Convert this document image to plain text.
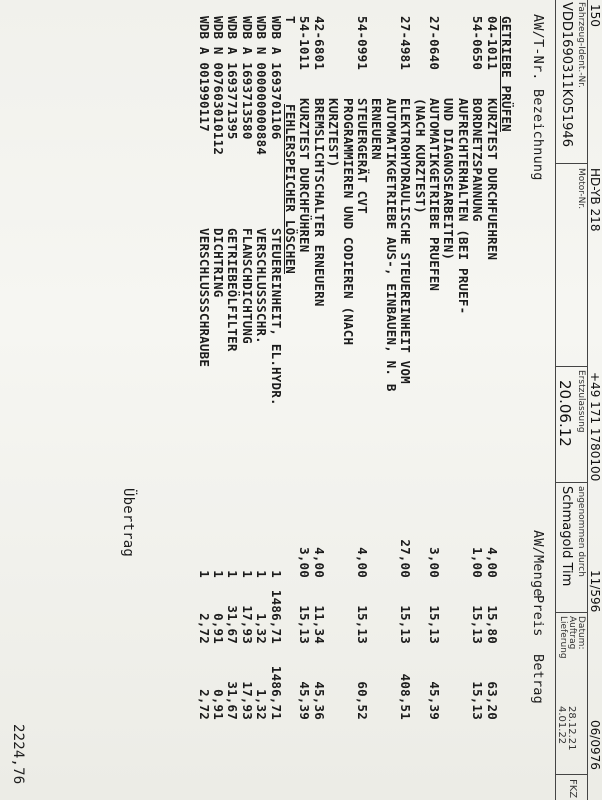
150
HD-YB 218
+49 171 1780100
11/596
06/0976
Fahrzeug-Ident.-Nr.
VDD1690311K051946
Motor-Nr.
Erstzulassung
20.06.12
angenommen durch
Schmagold Tim
Datum:
Auftrag
Lieferung
28.12.21
4.01.22
FKZ
AW/T-Nr. Bezeichnung
AW/Menge
Preis
Betrag
GETRIEBE PRÜFEN
04-1011
KURZTEST DURCHFUEHREN
4,00
15,80
63,20
54-0650
BORDNETZSPANNUNG
1,00
15,13
15,13
AUFRECHTERHALTEN (BEI PRUEF-
UND DIAGNOSEARBEITEN)
27-0640
AUTOMATIKGETRIEBE PRUEFEN
3,00
15,13
45,39
(NACH KURZTEST)
27-4981
ELEKTROHYDRAULISCHE STEUEREINHEIT VOM
27,00
15,13
408,51
AUTOMATIKGETRIEBE AUS-, EINBAUEN, N. B
ERNEUERN
54-0991
STEUERGERÄT CVT
4,00
15,13
60,52
PROGRAMMIEREN UND CODIEREN (NACH
KURZTEST)
42-6801
BREMSLICHTSCHALTER ERNEUERN
4,00
11,34
45,36
54-1011
KURZTEST DURCHFÜHREN
3,00
15,13
45,39
T
FEHLERSPEICHER LÖSCHEN
WDB A 1693701106
STEUEREINHEIT, EL.HYDR.
1
1486,71
1486,71
WDB N 000000000884
VERSCHLUSSSCHR.
1
1,32
1,32
WDB A 1693713580
FLANSCHDICHTUNG
1
17,93
17,93
WDB A 1693771395
GETRIEBEÖLFILTER
1
31,67
31,67
WDB N 007603010112
DICHTRING
1
0,91
0,91
WDB A 001990117
VERSCHLUSSSCHRAUBE
1
2,72
2,72
Übertrag
2224,76
